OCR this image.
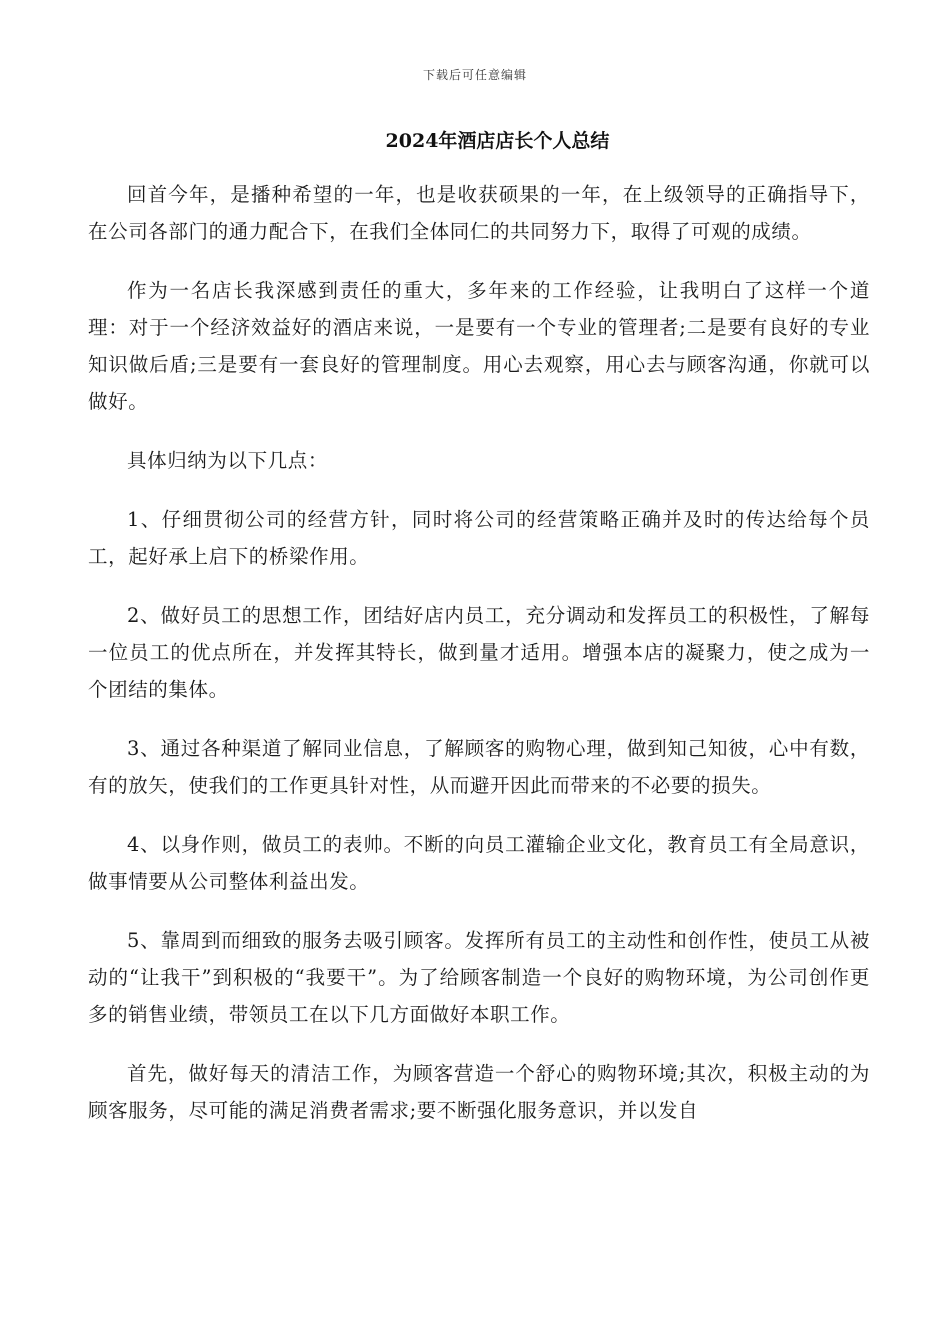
下载后可任意编辑
2024年酒店店长个人总结

回首今年，是播种希望的一年，也是收获硕果的一年，在上级领导的正确指导下，在公司各部门的通力配合下，在我们全体同仁的共同努力下，取得了可观的成绩。

作为一名店长我深感到责任的重大，多年来的工作经验，让我明白了这样一个道理：对于一个经济效益好的酒店来说，一是要有一个专业的管理者;二是要有良好的专业知识做后盾;三是要有一套良好的管理制度。用心去观察，用心去与顾客沟通，你就可以做好。

具体归纳为以下几点：

1、仔细贯彻公司的经营方针，同时将公司的经营策略正确并及时的传达给每个员工，起好承上启下的桥梁作用。

2、做好员工的思想工作，团结好店内员工，充分调动和发挥员工的积极性，了解每一位员工的优点所在，并发挥其特长，做到量才适用。增强本店的凝聚力，使之成为一个团结的集体。

3、通过各种渠道了解同业信息，了解顾客的购物心理，做到知己知彼，心中有数，有的放矢，使我们的工作更具针对性，从而避开因此而带来的不必要的损失。

4、以身作则，做员工的表帅。不断的向员工灌输企业文化，教育员工有全局意识，做事情要从公司整体利益出发。

5、靠周到而细致的服务去吸引顾客。发挥所有员工的主动性和创作性，使员工从被动的“让我干”到积极的“我要干”。为了给顾客制造一个良好的购物环境，为公司创作更多的销售业绩，带领员工在以下几方面做好本职工作。

首先，做好每天的清洁工作，为顾客营造一个舒心的购物环境;其次，积极主动的为顾客服务，尽可能的满足消费者需求;要不断强化服务意识，并以发自
